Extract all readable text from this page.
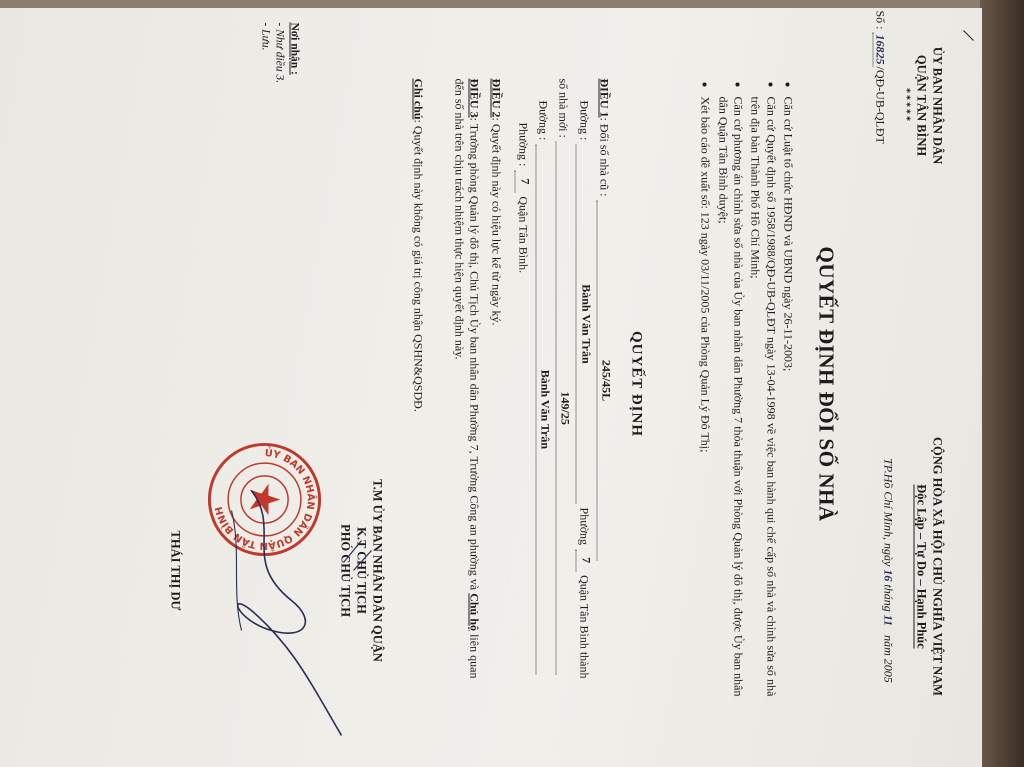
ỦY BAN NHÂN DÂN
QUẬN TÂN BÌNH
*****
Số : 16825/QĐ-UB-QLĐT
CỘNG HÒA XÃ HỘI CHỦ NGHĨA VIỆT NAM
Độc Lập – Tự Do – Hạnh Phúc
TP.Hồ Chí Minh, ngày 16 tháng 11 năm 2005
QUYẾT ĐỊNH ĐỔI SỐ NHÀ
• Căn cứ Luật tổ chức HĐND và UBND ngày 26-11-2003;
• Căn cứ Quyết định số 1958/1988/QĐ-UB-QLĐT ngày 13-04-1998 về việc ban hành qui chế cấp số nhà và chỉnh sửa số nhà trên địa bàn Thành Phố Hồ Chí Minh;
• Căn cứ phương án chỉnh sửa số nhà của Ủy ban nhân dân Phường 7 thỏa thuận với Phòng Quản lý đô thị, được Ủy ban nhân dân Quận Tân Bình duyệt;
• Xét báo cáo đề xuất số: 123 ngày 03/11/2005 của Phòng Quản Lý Đô Thị;
QUYẾT ĐỊNH
ĐIỀU 1
: Đổi số nhà cũ :
245/45L
Đường :
Bành Văn Trân
Phường
7
Quận Tân Bình thành
số nhà mới :
149/25
Đường :
Bành Văn Trân
Phường :
7
Quận Tân Bình.
ĐIỀU 2: Quyết định này có hiệu lực kể từ ngày ký.
ĐIỀU 3: Trưởng phòng Quản lý đô thị, Chủ Tịch Ủy ban nhân dân Phường 7, Trưởng Công an phường và Chủ hộ liên quan đến số nhà trên chịu trách nhiệm thực hiện quyết định này.
Ghi chú: Quyết định này không có giá trị công nhận QSHN&QSDĐ.
T.M ỦY BAN NHÂN DÂN QUẬN
K.T CHỦ TỊCH
PHÓ CHỦ TỊCH
THÁI THỊ DƯ
Nơi nhận :
- Như điều 3.
- Lưu.
ỦY BAN NHÂN DÂN QUẬN TÂN BÌNH
